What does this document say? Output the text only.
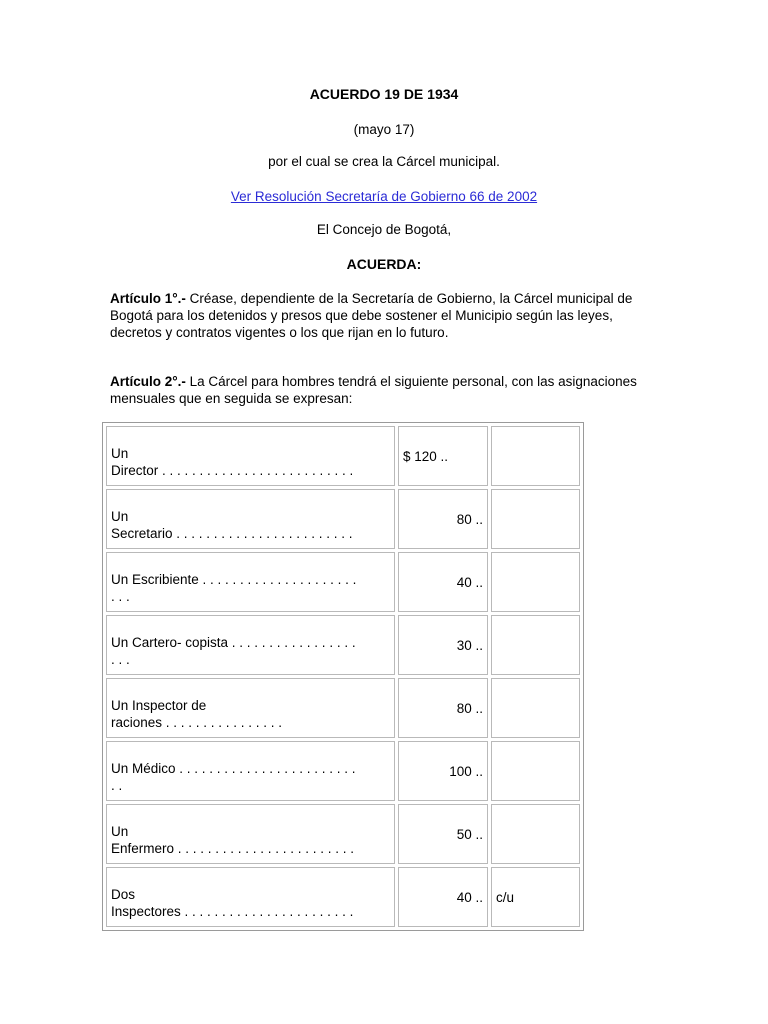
ACUERDO 19 DE 1934
(mayo 17)
por el cual se crea la Cárcel municipal.
Ver Resolución Secretaría de Gobierno 66 de 2002
El Concejo de Bogotá,
ACUERDA:
Artículo 1°.- Créase, dependiente de la Secretaría de Gobierno, la Cárcel municipal de Bogotá para los detenidos y presos que debe sostener el Municipio según las leyes, decretos y contratos vigentes o los que rijan en lo futuro.
Artículo 2°.- La Cárcel para hombres tendrá el siguiente personal, con las asignaciones mensuales que en seguida se expresan:
Un
Director . . . . . . . . . . . . . . . . . . . . . . . . . .	$ 120 ..	

Un
Secretario . . . . . . . . . . . . . . . . . . . . . . . .	80 ..	

Un Escribiente . . . . . . . . . . . . . . . . . . . . .
. . .	40 ..	

Un Cartero- copista . . . . . . . . . . . . . . . . .
. . .	30 ..	

Un Inspector de
raciones . . . . . . . . . . . . . . . .	80 ..	

Un Médico . . . . . . . . . . . . . . . . . . . . . . . .
. .	100 ..	

Un
Enfermero . . . . . . . . . . . . . . . . . . . . . . . .	50 ..	

Dos
Inspectores . . . . . . . . . . . . . . . . . . . . . . .	40 ..	c/u
